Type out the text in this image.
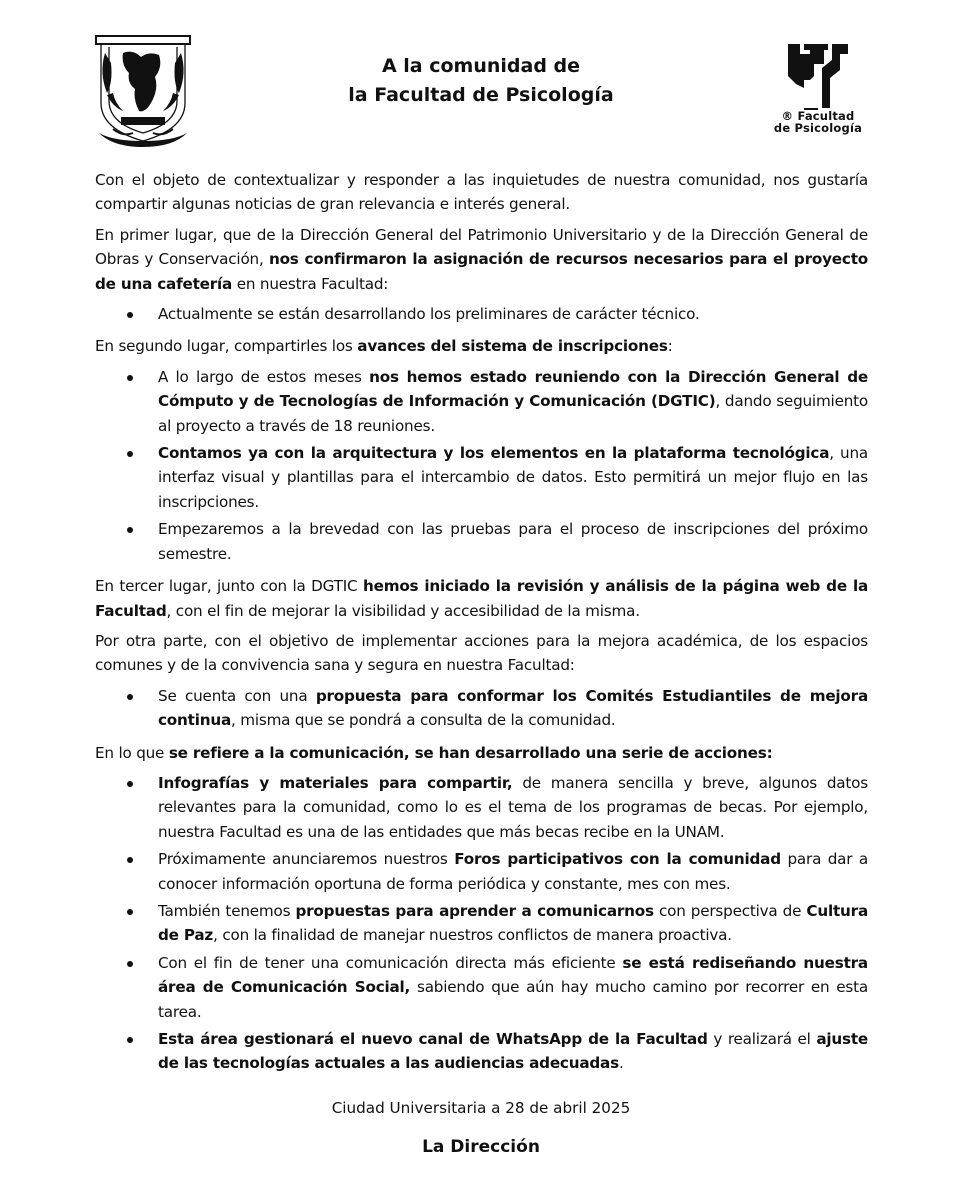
® Facultad
de Psicología
A la comunidad de
la Facultad de Psicología

Con el objeto de contextualizar y responder a las inquietudes de nuestra comunidad, nos gustaría compartir algunas noticias de gran relevancia e interés general.

En primer lugar, que de la Dirección General del Patrimonio Universitario y de la Dirección General de Obras y Conservación, nos confirmaron la asignación de recursos necesarios para el proyecto de una cafetería en nuestra Facultad:

Actualmente se están desarrollando los preliminares de carácter técnico.

En segundo lugar, compartirles los avances del sistema de inscripciones:

A lo largo de estos meses nos hemos estado reuniendo con la Dirección General de Cómputo y de Tecnologías de Información y Comunicación (DGTIC), dando seguimiento al proyecto a través de 18 reuniones.
Contamos ya con la arquitectura y los elementos en la plataforma tecnológica, una interfaz visual y plantillas para el intercambio de datos. Esto permitirá un mejor flujo en las inscripciones.
Empezaremos a la brevedad con las pruebas para el proceso de inscripciones del próximo semestre.

En tercer lugar, junto con la DGTIC hemos iniciado la revisión y análisis de la página web de la Facultad, con el fin de mejorar la visibilidad y accesibilidad de la misma.

Por otra parte, con el objetivo de implementar acciones para la mejora académica, de los espacios comunes y de la convivencia sana y segura en nuestra Facultad:

Se cuenta con una propuesta para conformar los Comités Estudiantiles de mejora continua, misma que se pondrá a consulta de la comunidad.

En lo que se refiere a la comunicación, se han desarrollado una serie de acciones:

Infografías y materiales para compartir, de manera sencilla y breve, algunos datos relevantes para la comunidad, como lo es el tema de los programas de becas. Por ejemplo, nuestra Facultad es una de las entidades que más becas recibe en la UNAM.
Próximamente anunciaremos nuestros Foros participativos con la comunidad para dar a conocer información oportuna de forma periódica y constante, mes con mes.
También tenemos propuestas para aprender a comunicarnos con perspectiva de Cultura de Paz, con la finalidad de manejar nuestros conflictos de manera proactiva.
Con el fin de tener una comunicación directa más eficiente se está rediseñando nuestra área de Comunicación Social, sabiendo que aún hay mucho camino por recorrer en esta tarea.
Esta área gestionará el nuevo canal de WhatsApp de la Facultad y realizará el ajuste de las tecnologías actuales a las audiencias adecuadas.
Ciudad Universitaria a 28 de abril 2025
La Dirección
